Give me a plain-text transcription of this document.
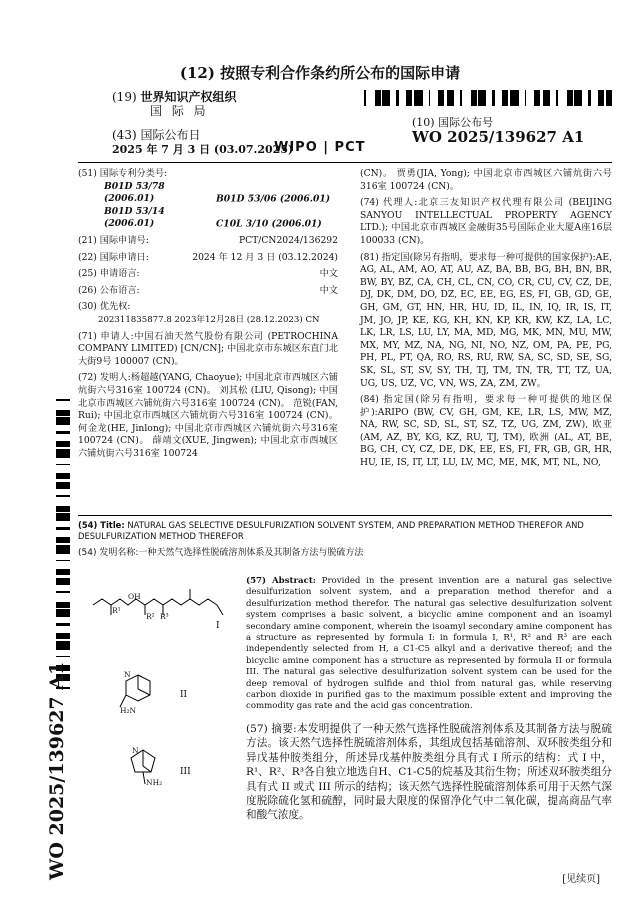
(12) 按照专利合作条约所公布的国际申请
(19) 世界知识产权组织
国 际 局
(43) 国际公布日
2025 年 7 月 3 日 (03.07.2025)
(10) 国际公布号
WO 2025/139627 A1
WIPO | PCT
(51) 国际专利分类号:
B01D 53/78 (2006.01)	B01D 53/06 (2006.01)
B01D 53/14 (2006.01)	C10L 3/10 (2006.01)
(21) 国际申请号:	PCT/CN2024/136292
(22) 国际申请日:	2024 年 12 月 3 日 (03.12.2024)
(25) 申请语言:	中文
(26) 公布语言:	中文
(30) 优先权:
202311835877.8 2023年12月28日 (28.12.2023) CN
(71) 申请人:中国石油天然气股份有限公司 (PETROCHINA COMPANY LIMITED) [CN/CN]; 中国北京市东城区东直门北大街9号 100007 (CN)。
(72) 发明人:杨超越(YANG, Chaoyue); 中国北京市西城区六铺炕街六号316室 100724 (CN)。 刘其松 (LIU, Qisong); 中国北京市西城区六铺炕街六号316室 100724 (CN)。 范锐(FAN, Rui); 中国北京市西城区六铺炕街六号316室 100724 (CN)。 何金龙(HE, Jinlong); 中国北京市西城区六铺炕街六号316室 100724 (CN)。 薛靖文(XUE, Jingwen); 中国北京市西城区六铺炕街六号316室 100724
(CN)。 贾勇(JIA, Yong); 中国北京市西城区六铺炕街六号316室 100724 (CN)。
(74) 代理人:北京三友知识产权代理有限公司 (BEIJING SANYOU INTELLECTUAL PROPERTY AGENCY LTD.); 中国北京市西城区金融街35号国际企业大厦A座16层 100033 (CN)。
(81) 指定国(除另有指明，要求每一种可提供的国家保护):AE, AG, AL, AM, AO, AT, AU, AZ, BA, BB, BG, BH, BN, BR, BW, BY, BZ, CA, CH, CL, CN, CO, CR, CU, CV, CZ, DE, DJ, DK, DM, DO, DZ, EC, EE, EG, ES, FI, GB, GD, GE, GH, GM, GT, HN, HR, HU, ID, IL, IN, IQ, IR, IS, IT, JM, JO, JP, KE, KG, KH, KN, KP, KR, KW, KZ, LA, LC, LK, LR, LS, LU, LY, MA, MD, MG, MK, MN, MU, MW, MX, MY, MZ, NA, NG, NI, NO, NZ, OM, PA, PE, PG, PH, PL, PT, QA, RO, RS, RU, RW, SA, SC, SD, SE, SG, SK, SL, ST, SV, SY, TH, TJ, TM, TN, TR, TT, TZ, UA, UG, US, UZ, VC, VN, WS, ZA, ZM, ZW。
(84) 指定国(除另有指明，要求每一种可提供的地区保护):ARIPO (BW, CV, GH, GM, KE, LR, LS, MW, MZ, NA, RW, SC, SD, SL, ST, SZ, TZ, UG, ZM, ZW), 欧亚 (AM, AZ, BY, KG, KZ, RU, TJ, TM), 欧洲 (AL, AT, BE, BG, CH, CY, CZ, DE, DK, EE, ES, FI, FR, GB, GR, HR, HU, IE, IS, IT, LT, LU, LV, MC, ME, MK, MT, NL, NO,
(54) Title: NATURAL GAS SELECTIVE DESULFURIZATION SOLVENT SYSTEM, AND PREPARATION METHOD THEREFOR AND DESULFURIZATION METHOD THEREFOR
(54) 发明名称:一种天然气选择性脱硫溶剂体系及其制备方法与脱硫方法
OH
R¹
R² R³
I
N
H₂N
II
N
NH₂
III
(57) Abstract: Provided in the present invention are a natural gas selective desulfurization solvent system, and a preparation method therefor and a desulfurization method therefor. The natural gas selective desulfurization solvent system comprises a basic solvent, a bicyclic amine component and an isoamyl secondary amine component, wherein the isoamyl secondary amine component has a structure as represented by formula I: in formula I, R¹, R² and R³ are each independently selected from H, a C1-C5 alkyl and a derivative thereof; and the bicyclic amine component has a structure as represented by formula II or formula III. The natural gas selective desulfurization solvent system can be used for the deep removal of hydrogen sulfide and thiol from natural gas, while reserving carbon dioxide in purified gas to the maximum possible extent and improving the commodity gas rate and the acid gas concentration.
(57) 摘要:本发明提供了一种天然气选择性脱硫溶剂体系及其制备方法与脱硫方法。该天然气选择性脱硫溶剂体系，其组成包括基础溶剂、双环胺类组分和异戊基仲胺类组分，所述异戊基仲胺类组分具有式 I 所示的结构：式 I 中，R¹、R²、R³各自独立地选自H、C1-C5的烷基及其衍生物；所述双环胺类组分具有式 II 或式 III 所示的结构；该天然气选择性脱硫溶剂体系可用于天然气深度脱除硫化氢和硫醇，同时最大限度的保留净化气中二氧化碳，提高商品气率和酸气浓度。
WO 2025/139627 A1	[见续页]
